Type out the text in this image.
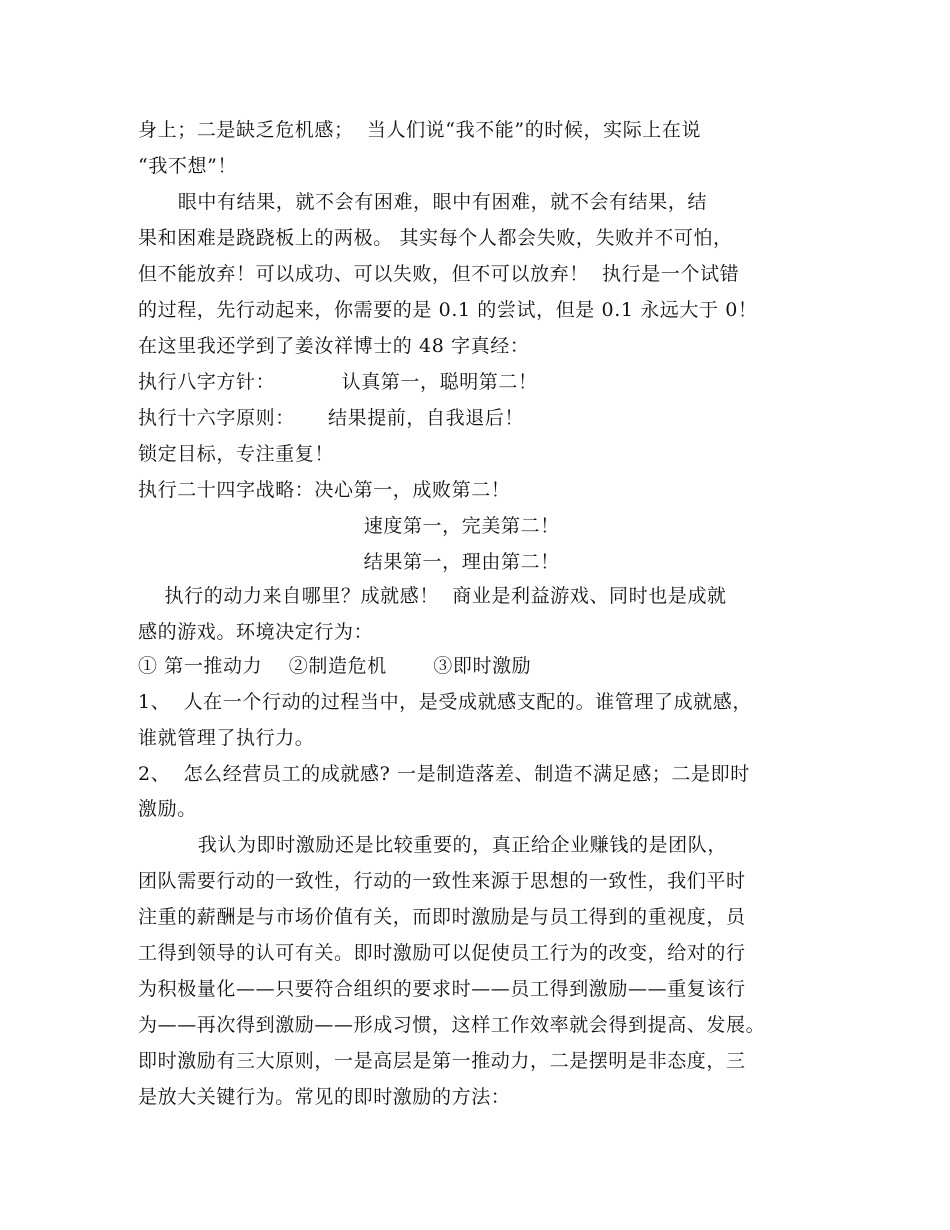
身上；二是缺乏危机感；  当人们说“我不能”的时候，实际上在说
“我不想”！
眼中有结果，就不会有困难，眼中有困难，就不会有结果，结
果和困难是跷跷板上的两极。 其实每个人都会失败，失败并不可怕，
但不能放弃！可以成功、可以失败，但不可以放弃！  执行是一个试错
的过程，先行动起来，你需要的是 0.1 的尝试，但是 0.1 永远大于 0！
在这里我还学到了姜汝祥博士的 48 字真经：
执行八字方针：          认真第一，聪明第二！
执行十六字原则：     结果提前，自我退后！
锁定目标，专注重复！
执行二十四字战略：决心第一，成败第二！
速度第一，完美第二！
结果第一，理由第二！
执行的动力来自哪里？成就感！  商业是利益游戏、同时也是成就
感的游戏。环境决定行为：
① 第一推动力    ②制造危机       ③即时激励
1、  人在一个行动的过程当中，是受成就感支配的。谁管理了成就感，
谁就管理了执行力。
2、  怎么经营员工的成就感? 一是制造落差、制造不满足感；二是即时
激励。
我认为即时激励还是比较重要的，真正给企业赚钱的是团队，
团队需要行动的一致性，行动的一致性来源于思想的一致性，我们平时
注重的薪酬是与市场价值有关，而即时激励是与员工得到的重视度，员
工得到领导的认可有关。即时激励可以促使员工行为的改变，给对的行
为积极量化——只要符合组织的要求时——员工得到激励——重复该行
为——再次得到激励——形成习惯，这样工作效率就会得到提高、发展。
即时激励有三大原则，一是高层是第一推动力，二是摆明是非态度，三
是放大关键行为。常见的即时激励的方法：
